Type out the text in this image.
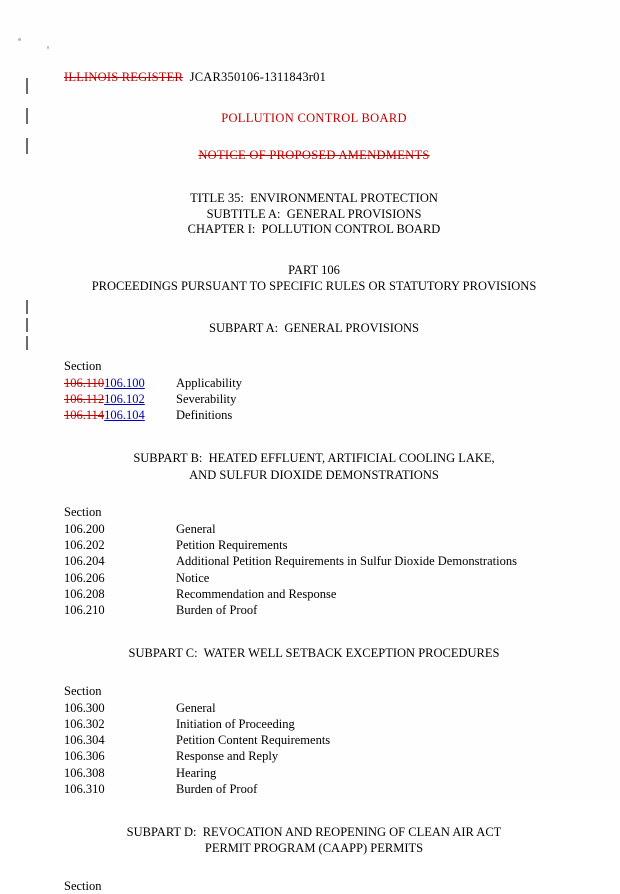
ILLINOIS REGISTER JCAR350106-1311843r01
POLLUTION CONTROL BOARD
NOTICE OF PROPOSED AMENDMENTS
TITLE 35:  ENVIRONMENTAL PROTECTION
SUBTITLE A:  GENERAL PROVISIONS
CHAPTER I:  POLLUTION CONTROL BOARD
PART 106
PROCEEDINGS PURSUANT TO SPECIFIC RULES OR STATUTORY PROVISIONS
SUBPART A:  GENERAL PROVISIONS
Section
106.110106.100	Applicability
106.112106.102	Severability
106.114106.104	Definitions
SUBPART B:  HEATED EFFLUENT, ARTIFICIAL COOLING LAKE,
AND SULFUR DIOXIDE DEMONSTRATIONS
Section
106.200	General
106.202	Petition Requirements
106.204	Additional Petition Requirements in Sulfur Dioxide Demonstrations
106.206	Notice
106.208	Recommendation and Response
106.210	Burden of Proof
SUBPART C:  WATER WELL SETBACK EXCEPTION PROCEDURES
Section
106.300	General
106.302	Initiation of Proceeding
106.304	Petition Content Requirements
106.306	Response and Reply
106.308	Hearing
106.310	Burden of Proof
SUBPART D:  REVOCATION AND REOPENING OF CLEAN AIR ACT
PERMIT PROGRAM (CAAPP) PERMITS
Section
